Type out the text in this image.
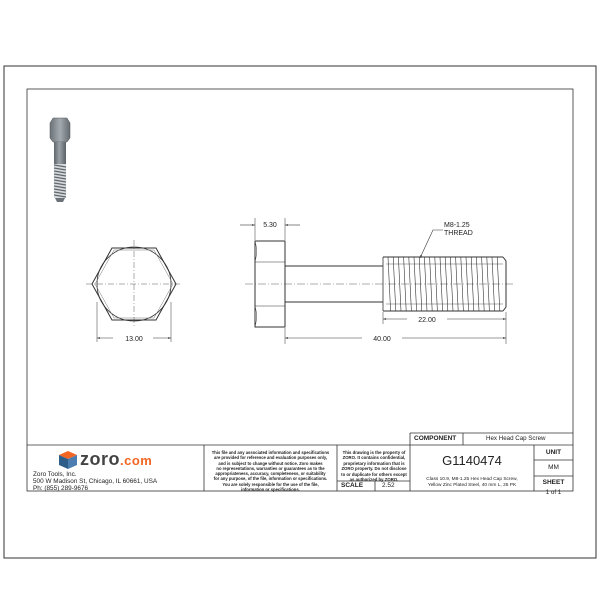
5.30	M8-1.25
THREAD
22.00
40.00
13.00
zoro.com
Zoro Tools, Inc.
500 W Madison St, Chicago, IL 60661, USA
Ph: (855) 289-9676
This file and any associated information and specifications
are provided for reference and evaluation purposes only,
and is subject to change without notice. Zoro makes
no representations, warranties or guarantees as to the
appropriateness, accuracy, completeness, or suitability
for any purpose, of the file, information or specifications.
You are solely responsible for the use of the file,
information or specifications.
This drawing is the property of
ZORO. It contains confidential,
proprietary information that is
ZORO property. Do not disclose
to or duplicate for others except
as authorized by ZORO.
SCALE	2.52
COMPONENT	Hex Head Cap Screw
G1140474
Class 10.9, M8-1.25 Hex Head Cap Screw,
Yellow Zinc Plated Steel, 40 mm L, 25 PK
UNIT
MM
SHEET
1 of 1
